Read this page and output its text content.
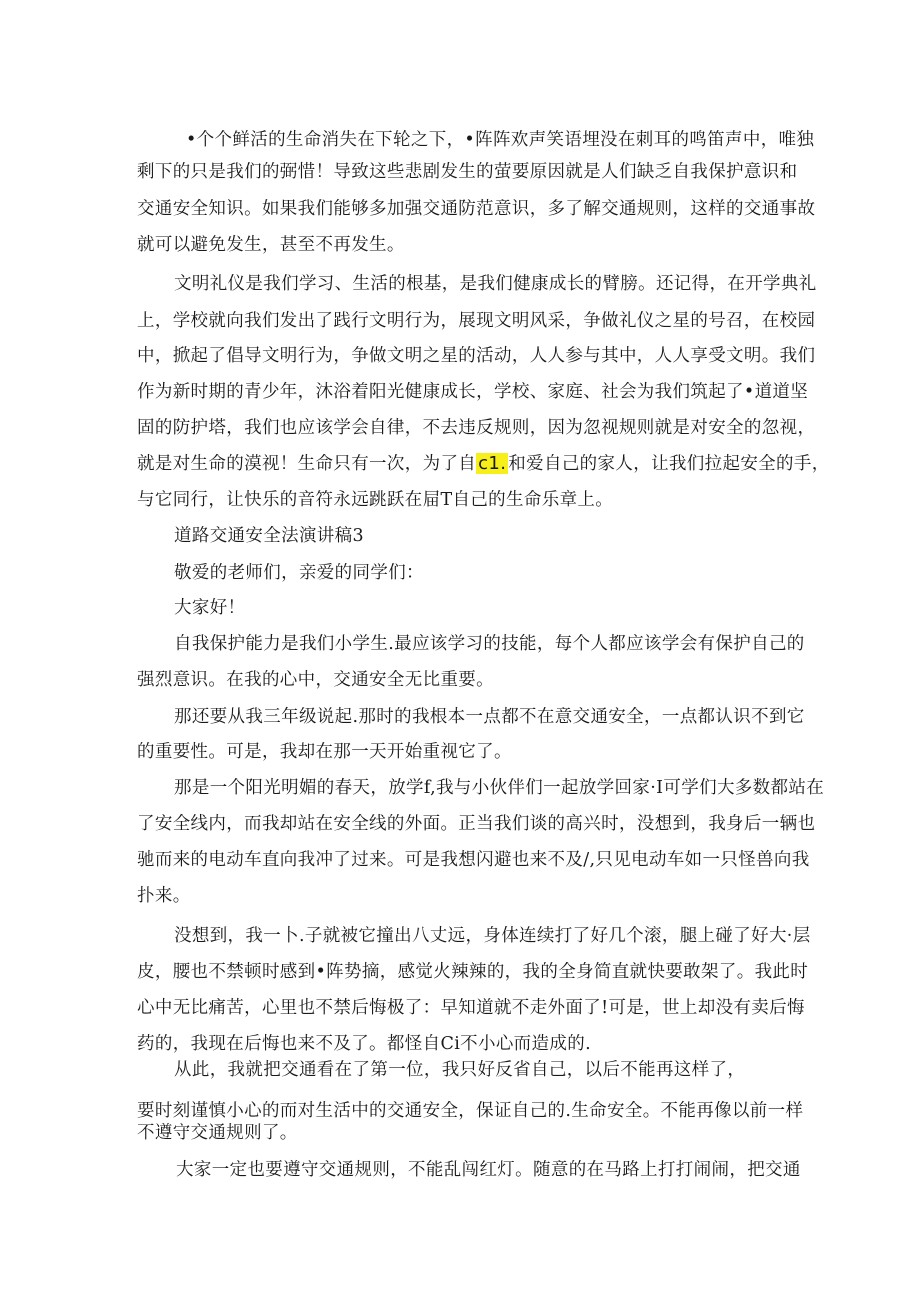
•个个鲜活的生命消失在下轮之下，•阵阵欢声笑语埋没在刺耳的鸣笛声中，唯独
剩下的只是我们的弼惜！导致这些悲剧发生的萤要原因就是人们缺乏自我保护意识和
交通安全知识。如果我们能够多加强交通防范意识，多了解交通规则，这样的交通事故
就可以避免发生，甚至不再发生。
文明礼仪是我们学习、生活的根基，是我们健康成长的臂膀。还记得，在开学典礼
上，学校就向我们发出了践行文明行为，展现文明风采，争做礼仪之星的号召，在校园
中，掀起了倡导文明行为，争做文明之星的活动，人人参与其中，人人享受文明。我们
作为新时期的青少年，沐浴着阳光健康成长，学校、家庭、社会为我们筑起了•道道坚
固的防护塔，我们也应该学会自律，不去违反规则，因为忽视规则就是对安全的忽视，
就是对生命的漠视！生命只有一次，为了自 c1. 和爱自己的家人，让我们拉起安全的手，
与它同行，让快乐的音符永远跳跃在屇T自己的生命乐章上。
道路交通安全法演讲稿3
敬爱的老师们，亲爱的同学们：
大家好！
自我保护能力是我们小学生.最应该学习的技能，每个人都应该学会有保护自己的
强烈意识。在我的心中，交通安全无比重要。
那还要从我三年级说起.那时的我根本一点都不在意交通安全，一点都认识不到它
的重要性。可是，我却在那一天开始重视它了。
那是一个阳光明媚的春天，放学f,我与小伙伴们一起放学回家·I可学们大多数都站在
了安全线内，而我却站在安全线的外面。正当我们谈的高兴时，没想到，我身后一辆也
驰而来的电动车直向我冲了过来。可是我想闪避也来不及/,只见电动车如一只怪兽向我
扑来。
没想到，我一卜.子就被它撞出八丈远，身体连续打了好几个滚，腿上碰了好大·层
皮，腰也不禁顿时感到•阵势摘，感觉火辣辣的，我的全身简直就快要敢架了。我此时
心中无比痛苦，心里也不禁后悔极了：早知道就不走外面了!可是，世上却没有卖后悔
药的，我现在后悔也来不及了。都怪自Ci不小心而造成的.
从此，我就把交通看在了第一位，我只好反省自己，以后不能再这样了，
要时刻谨慎小心的而对生活中的交通安全，保证自己的.生命安全。不能再像以前一样
不遵守交通规则了。
大家一定也要遵守交通规则，不能乱闯红灯。随意的在马路上打打闹闹，把交通
